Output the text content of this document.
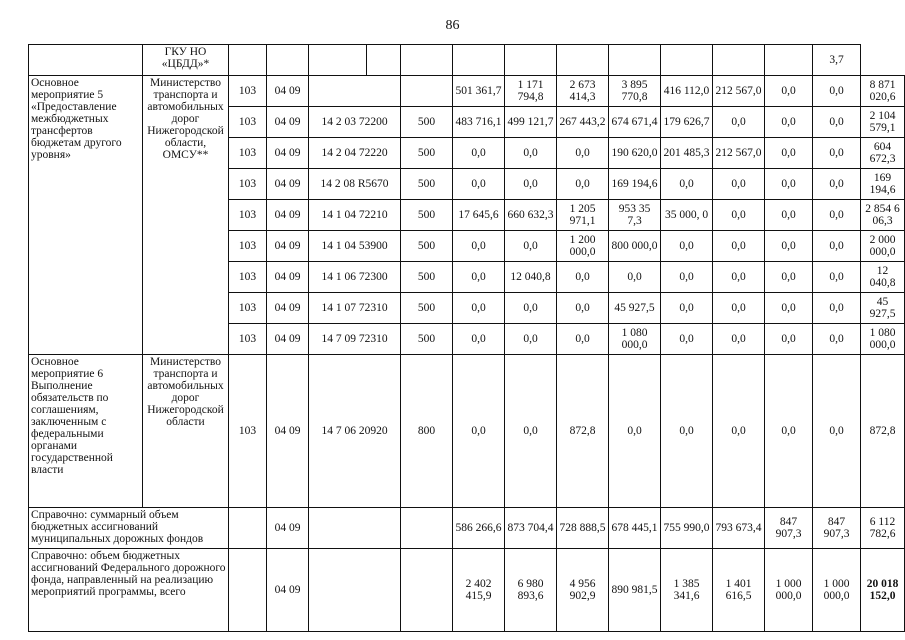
86
	ГКУ НО «ЦБДД»*													3,7	
Основное мероприятие 5 «Предоставление межбюджетных трансфертов бюджетам другого уровня»	Министерство транспорта и автомобильных дорог Нижегородской области, ОМСУ**	103	04 09				501 361,7	1 171 794,8	2 673 414,3	3 895 770,8	416 112,0	212 567,0	0,0	0,0	8 871 020,6
		103	04 09	14 2 03 72200		500	483 716,1	499 121,7	267 443,2	674 671,4	179 626,7	0,0	0,0	0,0	2 104 579,1
		103	04 09	14 2 04 72220		500	0,0	0,0	0,0	190 620,0	201 485,3	212 567,0	0,0	0,0	604 672,3
		103	04 09	14 2 08 R5670		500	0,0	0,0	0,0	169 194,6	0,0	0,0	0,0	0,0	169 194,6
		103	04 09	14 1 04 72210		500	17 645,6	660 632,3	1 205 971,1	953 35 7,3	35 000, 0	0,0	0,0	0,0	2 854 6 06,3
		103	04 09	14 1 04 53900		500	0,0	0,0	1 200 000,0	800 000,0	0,0	0,0	0,0	0,0	2 000 000,0
		103	04 09	14 1 06 72300		500	0,0	12 040,8	0,0	0,0	0,0	0,0	0,0	0,0	12 040,8
		103	04 09	14 1 07 72310		500	0,0	0,0	0,0	45 927,5	0,0	0,0	0,0	0,0	45 927,5
		103	04 09	14 7 09 72310		500	0,0	0,0	0,0	1 080 000,0	0,0	0,0	0,0	0,0	1 080 000,0
Основное мероприятие 6 Выполнение обязательств по соглашениям, заключенным с федеральными органами государственной власти	Министерство транспорта и автомобильных дорог Нижегородской области	103	04 09	14 7 06 20920		800	0,0	0,0	872,8	0,0	0,0	0,0	0,0	0,0	872,8
Справочно: суммарный объем бюджетных ассигнований муниципальных дорожных фондов			04 09				586 266,6	873 704,4	728 888,5	678 445,1	755 990,0	793 673,4	847 907,3	847 907,3	6 112 782,6
Справочно: объем бюджетных ассигнований Федерального дорожного фонда, направленный на реализацию мероприятий программы, всего			04 09				2 402 415,9	6 980 893,6	4 956 902,9	890 981,5	1 385 341,6	1 401 616,5	1 000 000,0	1 000 000,0	20 018 152,0
